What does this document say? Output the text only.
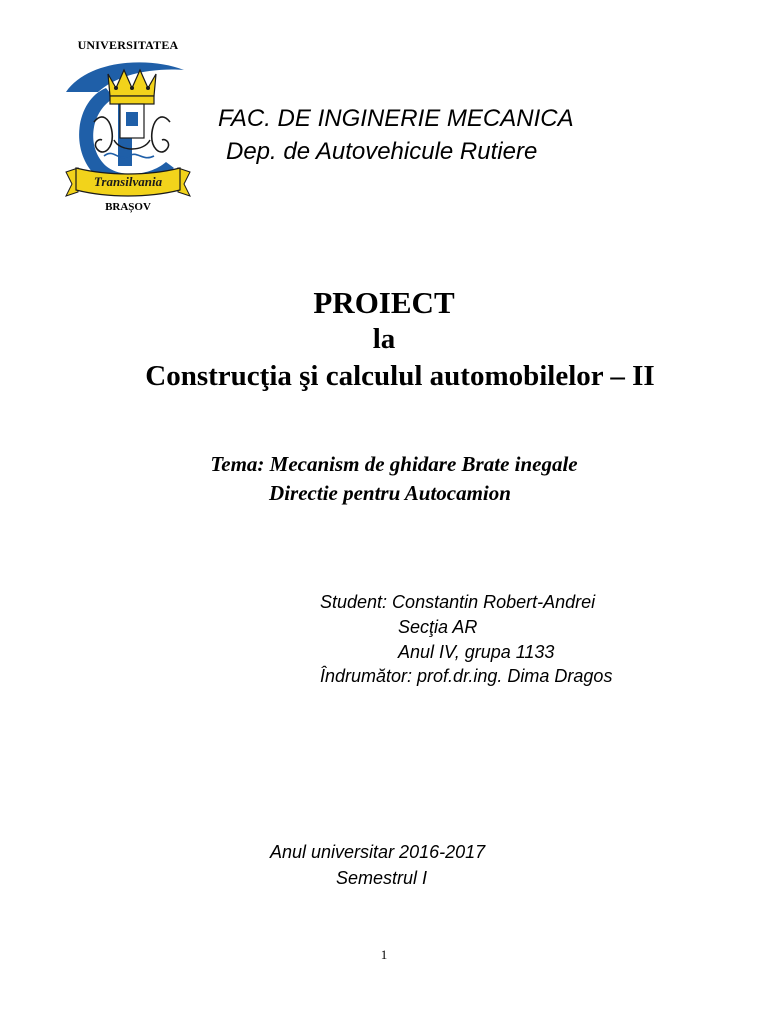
UNIVERSITATEA
Transilvania
BRAȘOV
FAC. DE INGINERIE MECANICA
Dep. de Autovehicule Rutiere
PROIECT
la
Construcţia şi calculul automobilelor – II
Tema: Mecanism de ghidare Brate inegale
Directie pentru Autocamion
Student: Constantin Robert-Andrei
Secţia AR
Anul IV, grupa 1133
Îndrumător: prof.dr.ing. Dima Dragos
Anul universitar 2016-2017
Semestrul I
1
